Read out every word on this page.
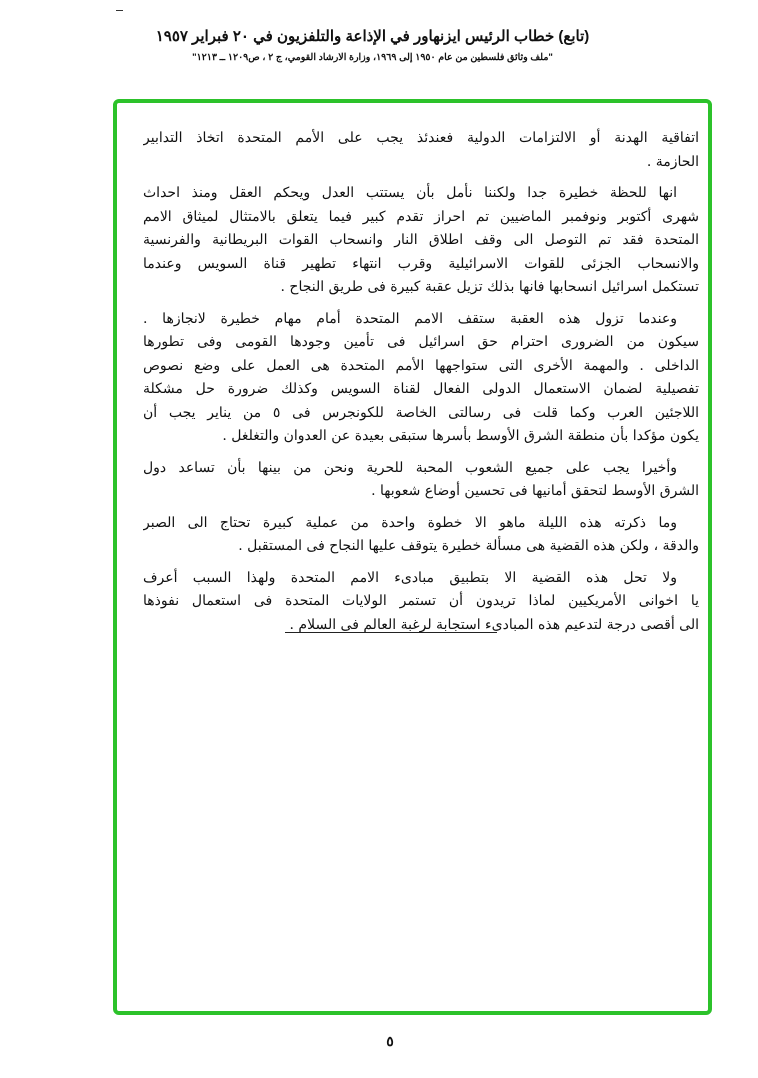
(تابع) خطاب الرئيس ايزنهاور في الإذاعة والتلفزيون في ٢٠ فبراير ١٩٥٧
"ملف وثائق فلسطين من عام ١٩٥٠ إلى ١٩٦٩، وزارة الارشاد القومي، ج ٢ ، ص١٢٠٩ ــ ١٢١٣"
اتفاقية الهدنة أو الالتزامات الدولية فعندئذ يجب على الأمم المتحدة اتخاذ التدابير
الحازمة .
انها للحظة خطيرة جدا ولكننا نأمل بأن يستتب العدل ويحكم العقل ومنذ احداث
شهرى أكتوبر ونوفمبر الماضيين تم احراز تقدم كبير فيما يتعلق بالامتثال لميثاق الامم
المتحدة فقد تم التوصل الى وقف اطلاق النار وانسحاب القوات البريطانية والفرنسية
والانسحاب الجزئى للقوات الاسرائيلية وقرب انتهاء تطهير قناة السويس وعندما
تستكمل اسرائيل انسحابها فانها بذلك تزيل عقبة كبيرة فى طريق النجاح .
وعندما تزول هذه العقبة ستقف الامم المتحدة أمام مهام خطيرة لانجازها .
سيكون من الضرورى احترام حق اسرائيل فى تأمين وجودها القومى وفى تطورها
الداخلى . والمهمة الأخرى التى ستواجهها الأمم المتحدة هى العمل على وضع نصوص
تفصيلية لضمان الاستعمال الدولى الفعال لقناة السويس وكذلك ضرورة حل مشكلة
اللاجئين العرب وكما قلت فى رسالتى الخاصة للكونجرس فى ٥ من يناير يجب أن
يكون مؤكدا بأن منطقة الشرق الأوسط بأسرها ستبقى بعيدة عن العدوان والتغلغل .
وأخيرا يجب على جميع الشعوب المحبة للحرية ونحن من بينها بأن تساعد دول
الشرق الأوسط لتحقق أمانيها فى تحسين أوضاع شعوبها .
وما ذكرته هذه الليلة ماهو الا خطوة واحدة من عملية كبيرة تحتاج الى الصبر
والدقة ، ولكن هذه القضية هى مسألة خطيرة يتوقف عليها النجاح فى المستقبل .
ولا تحل هذه القضية الا بتطبيق مبادىء الامم المتحدة ولهذا السبب أعرف
يا اخوانى الأمريكيين لماذا تريدون أن تستمر الولايات المتحدة فى استعمال نفوذها
الى أقصى درجة لتدعيم هذه المبادىء استجابة لرغبة العالم فى السلام .
٥
